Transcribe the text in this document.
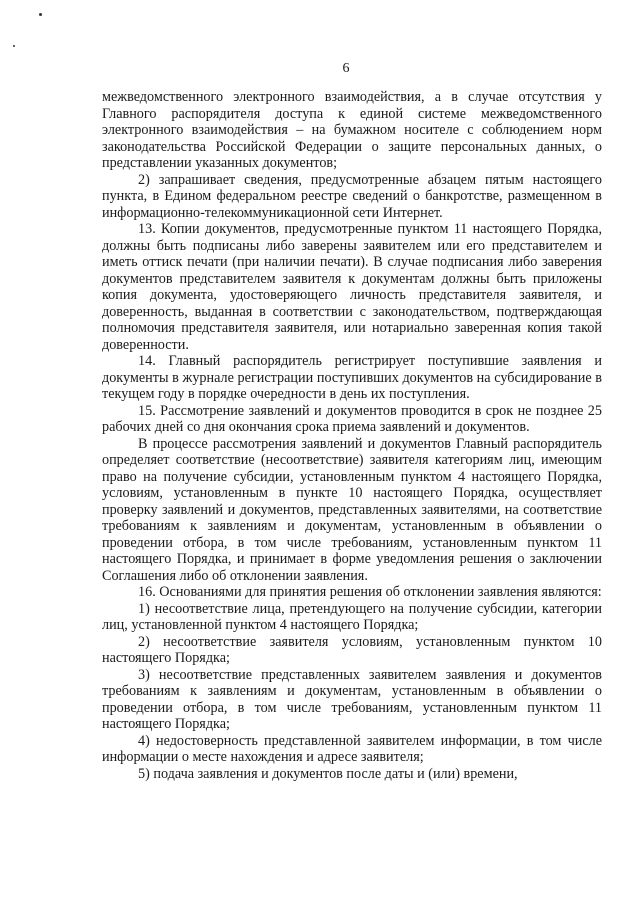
6

межведомственного электронного взаимодействия, а в случае отсутствия у Главного распорядителя доступа к единой системе межведомственного электронного взаимодействия – на бумажном носителе с соблюдением норм законодательства Российской Федерации о защите персональных данных, о представлении указанных документов;

2) запрашивает сведения, предусмотренные абзацем пятым настоящего пункта, в Едином федеральном реестре сведений о банкротстве, размещенном в информационно-телекоммуникационной сети Интернет.

13. Копии документов, предусмотренные пунктом 11 настоящего Порядка, должны быть подписаны либо заверены заявителем или его представителем и иметь оттиск печати (при наличии печати). В случае подписания либо заверения документов представителем заявителя к документам должны быть приложены копия документа, удостоверяющего личность представителя заявителя, и доверенность, выданная в соответствии с законодательством, подтверждающая полномочия представителя заявителя, или нотариально заверенная копия такой доверенности.

14. Главный распорядитель регистрирует поступившие заявления и документы в журнале регистрации поступивших документов на субсидирование в текущем году в порядке очередности в день их поступления.

15. Рассмотрение заявлений и документов проводится в срок не позднее 25 рабочих дней со дня окончания срока приема заявлений и документов.

В процессе рассмотрения заявлений и документов Главный распорядитель определяет соответствие (несоответствие) заявителя категориям лиц, имеющим право на получение субсидии, установленным пунктом 4 настоящего Порядка, условиям, установленным в пункте 10 настоящего Порядка, осуществляет проверку заявлений и документов, представленных заявителями, на соответствие требованиям к заявлениям и документам, установленным в объявлении о проведении отбора, в том числе требованиям, установленным пунктом 11 настоящего Порядка, и принимает в форме уведомления решения о заключении Соглашения либо об отклонении заявления.

16. Основаниями для принятия решения об отклонении заявления являются:

1) несоответствие лица, претендующего на получение субсидии, категории лиц, установленной пунктом 4 настоящего Порядка;

2) несоответствие заявителя условиям, установленным пунктом 10 настоящего Порядка;

3) несоответствие представленных заявителем заявления и документов требованиям к заявлениям и документам, установленным в объявлении о проведении отбора, в том числе требованиям, установленным пунктом 11 настоящего Порядка;

4) недостоверность представленной заявителем информации, в том числе информации о месте нахождения и адресе заявителя;

5) подача заявления и документов после даты и (или) времени,
